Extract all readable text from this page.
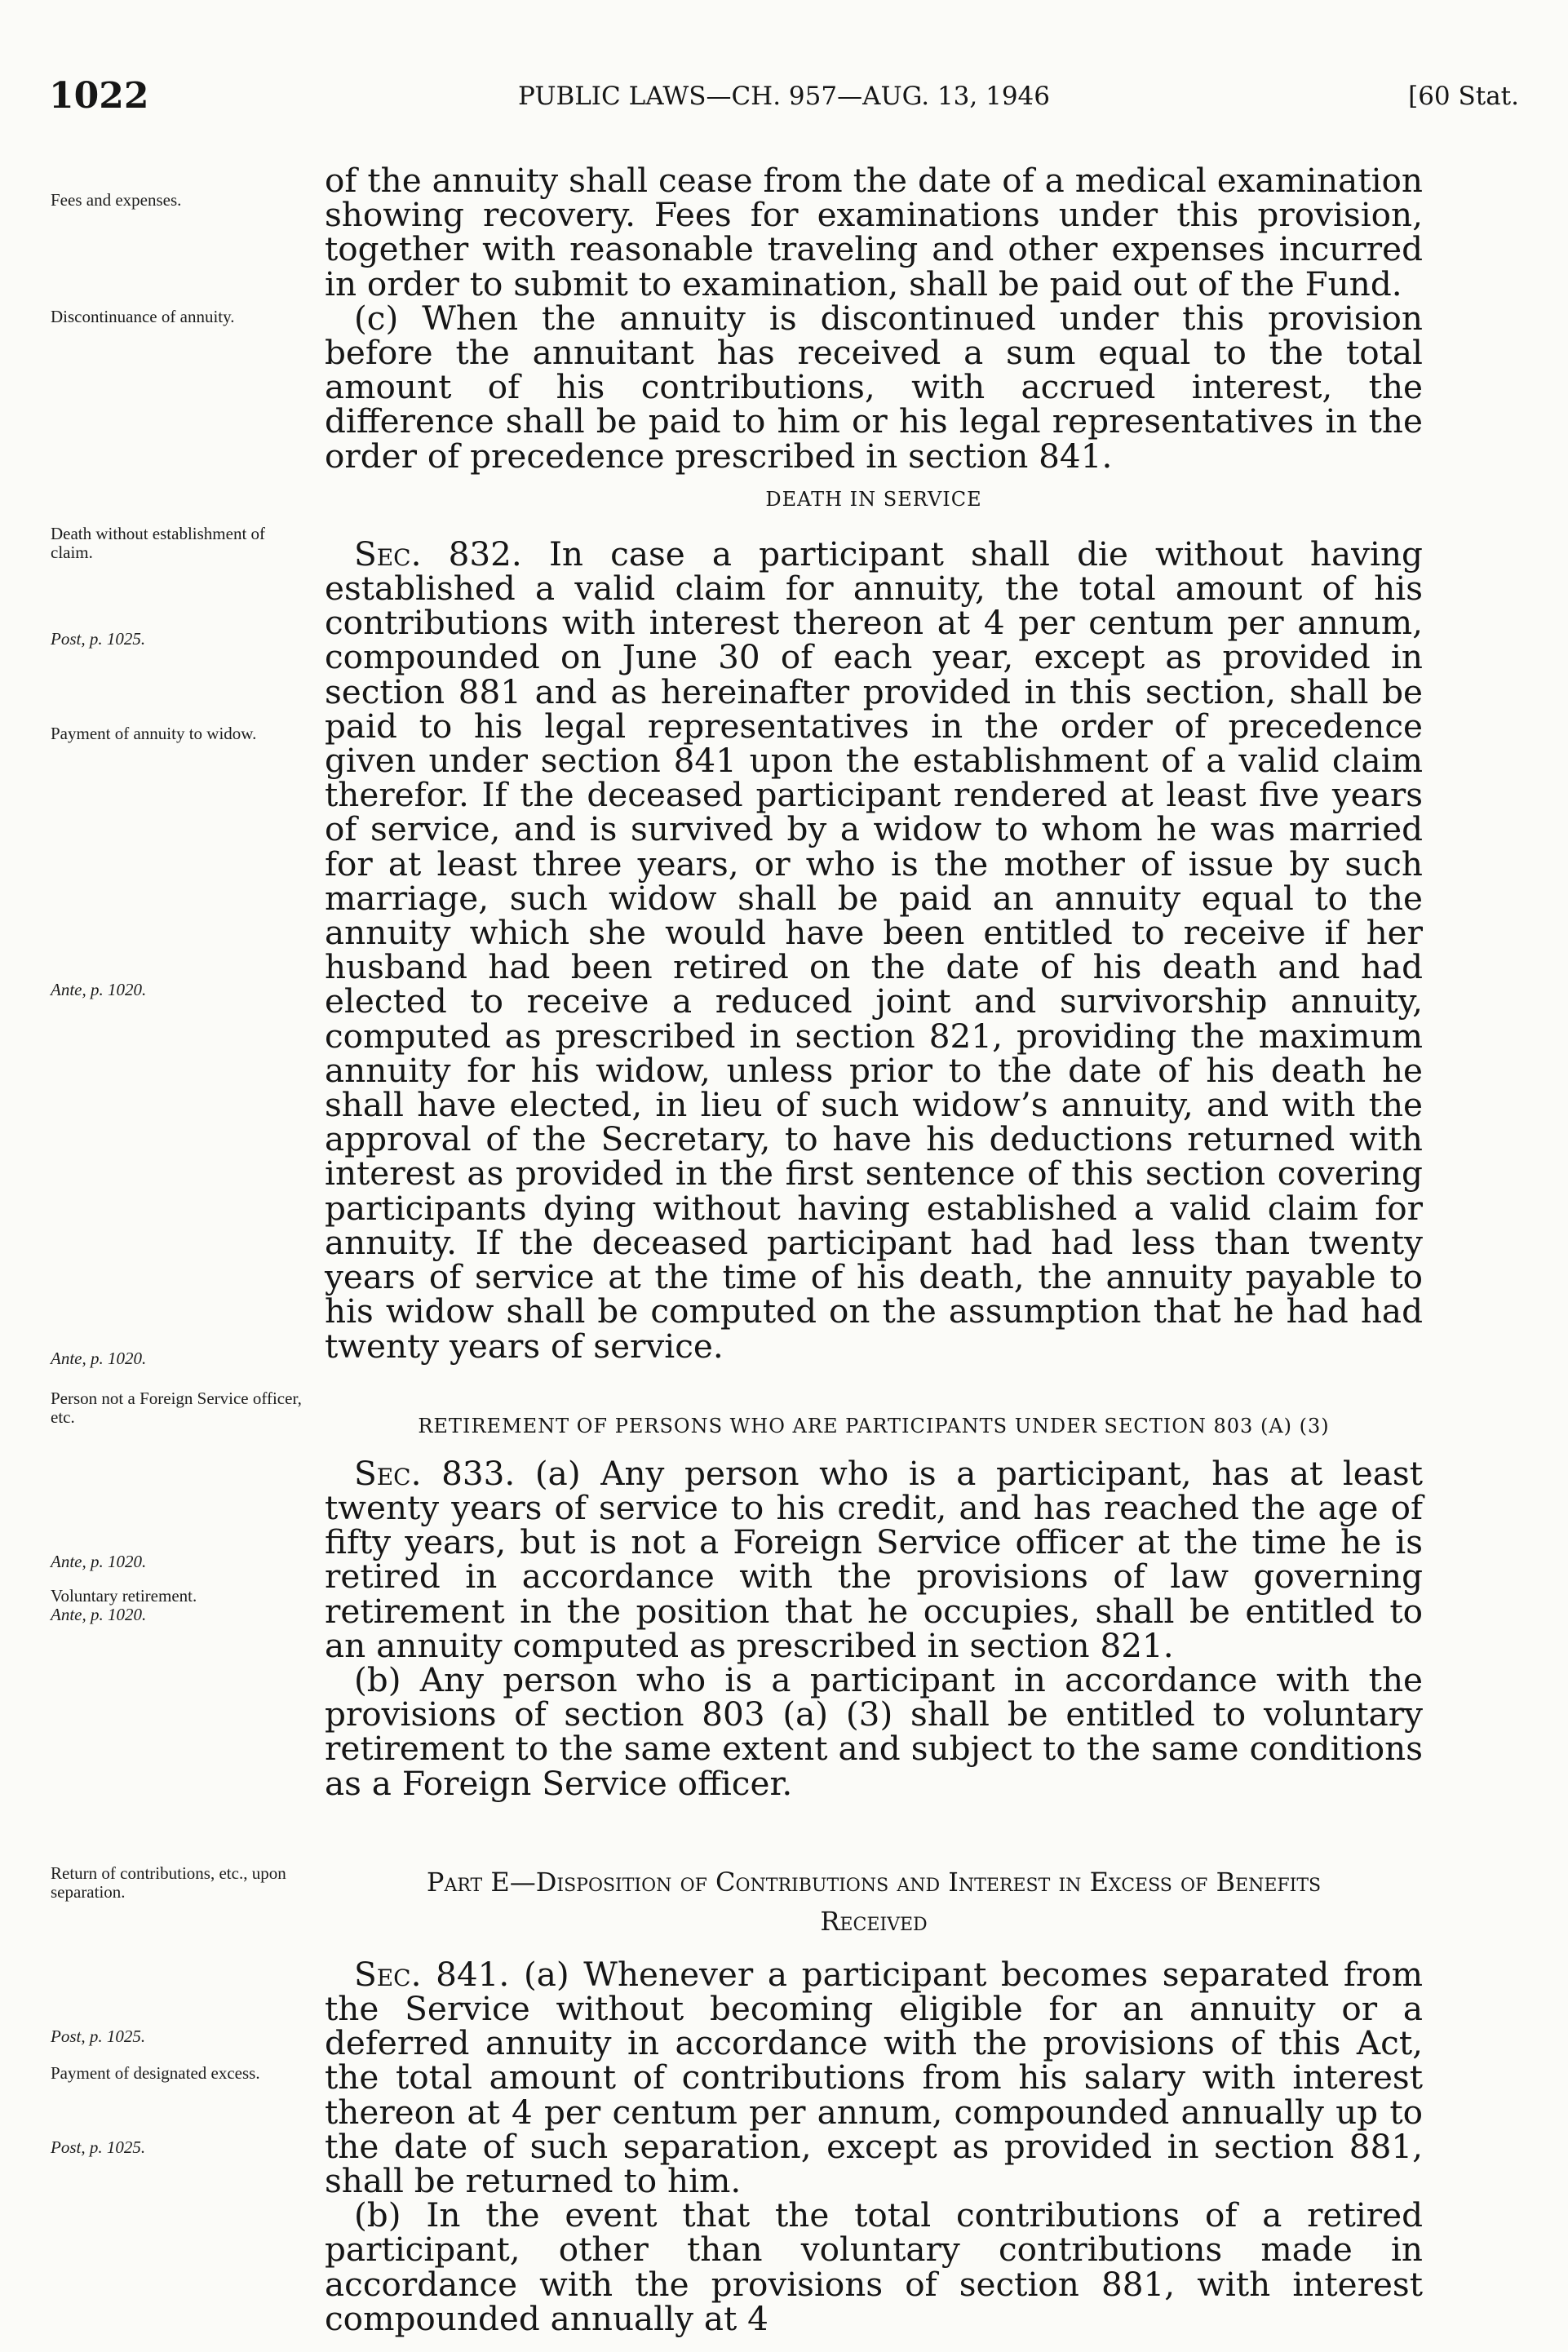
1022	PUBLIC LAWS—CH. 957—AUG. 13, 1946	[60 Stat.
Fees and expenses.
Discontinuance of annuity.
Death without establishment of claim.
Post, p. 1025.
Payment of annuity to widow.
Ante, p. 1020.
Ante, p. 1020.
Person not a Foreign Service officer, etc.
Ante, p. 1020.
Voluntary retirement.
Ante, p. 1020.
Return of contributions, etc., upon separation.
Post, p. 1025.
Payment of designated excess.
Post, p. 1025.

of the annuity shall cease from the date of a medical examination showing recovery. Fees for examinations under this provision, together with reasonable traveling and other expenses incurred in order to submit to examination, shall be paid out of the Fund.

(c) When the annuity is discontinued under this provision before the annuitant has received a sum equal to the total amount of his contributions, with accrued interest, the difference shall be paid to him or his legal representatives in the order of precedence prescribed in section 841.

DEATH IN SERVICE

Sec. 832. In case a participant shall die without having established a valid claim for annuity, the total amount of his contributions with interest thereon at 4 per centum per annum, compounded on June 30 of each year, except as provided in section 881 and as hereinafter provided in this section, shall be paid to his legal representatives in the order of precedence given under section 841 upon the establishment of a valid claim therefor. If the deceased participant rendered at least five years of service, and is survived by a widow to whom he was married for at least three years, or who is the mother of issue by such marriage, such widow shall be paid an annuity equal to the annuity which she would have been entitled to receive if her husband had been retired on the date of his death and had elected to receive a reduced joint and survivorship annuity, computed as prescribed in section 821, providing the maximum annuity for his widow, unless prior to the date of his death he shall have elected, in lieu of such widow’s annuity, and with the approval of the Secretary, to have his deductions returned with interest as provided in the first sentence of this section covering participants dying without having established a valid claim for annuity. If the deceased participant had had less than twenty years of service at the time of his death, the annuity payable to his widow shall be computed on the assumption that he had had twenty years of service.

RETIREMENT OF PERSONS WHO ARE PARTICIPANTS UNDER SECTION 803 (A) (3)

Sec. 833. (a) Any person who is a participant, has at least twenty years of service to his credit, and has reached the age of fifty years, but is not a Foreign Service officer at the time he is retired in accordance with the provisions of law governing retirement in the position that he occupies, shall be entitled to an annuity computed as prescribed in section 821.

(b) Any person who is a participant in accordance with the provisions of section 803 (a) (3) shall be entitled to voluntary retirement to the same extent and subject to the same conditions as a Foreign Service officer.

Part E—Disposition of Contributions and Interest in Excess of Benefits Received

Sec. 841. (a) Whenever a participant becomes separated from the Service without becoming eligible for an annuity or a deferred annuity in accordance with the provisions of this Act, the total amount of contributions from his salary with interest thereon at 4 per centum per annum, compounded annually up to the date of such separation, except as provided in section 881, shall be returned to him.

(b) In the event that the total contributions of a retired participant, other than voluntary contributions made in accordance with the provisions of section 881, with interest compounded annually at 4
